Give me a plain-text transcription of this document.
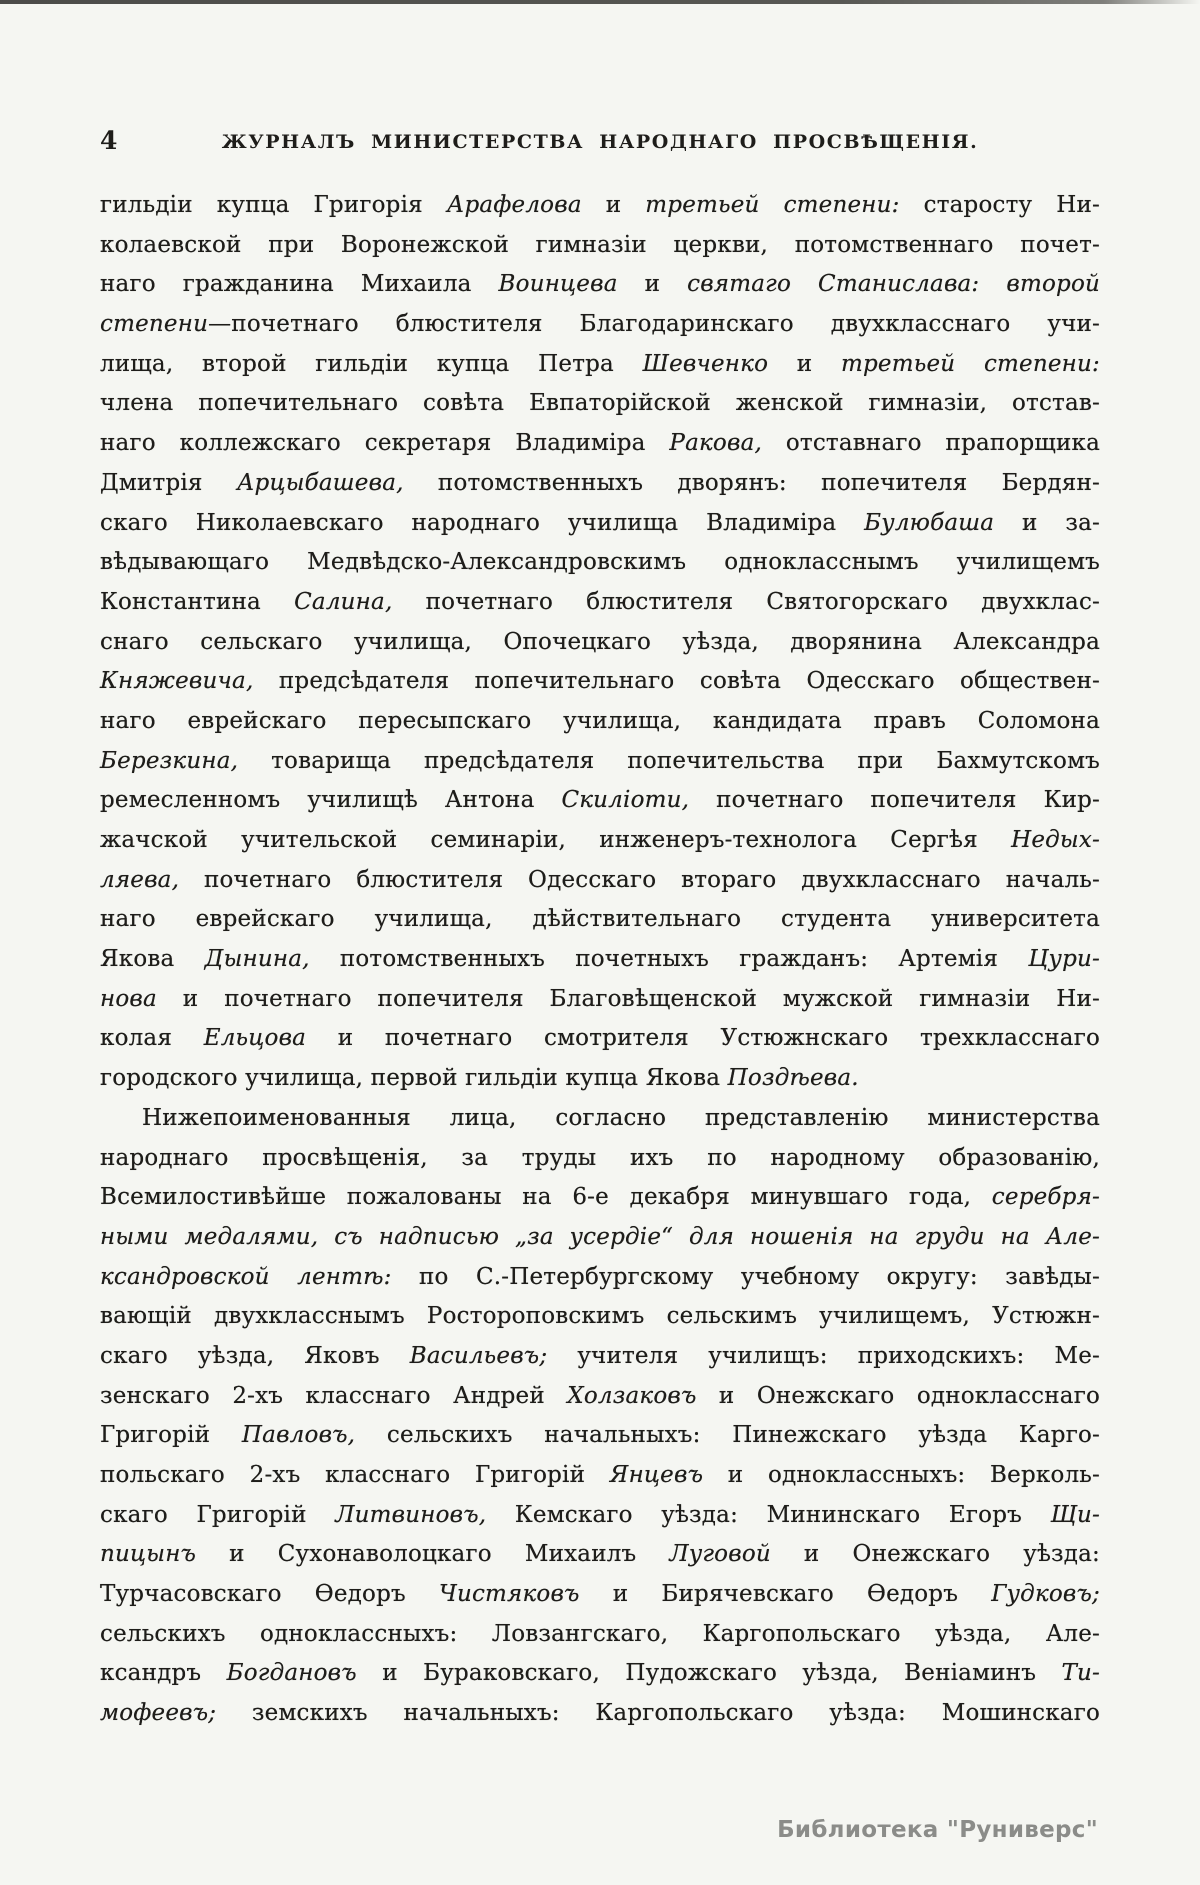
4	ЖУРНАЛЪ МИНИСТЕРСТВА НАРОДНАГО ПРОСВѢЩЕНІЯ.
гильдіи купца Григорія Арафелова и третьей степени: старосту Ни-
колаевской при Воронежской гимназіи церкви, потомственнаго почет-
наго гражданина Михаила Воинцева и святаго Станислава: второй
степени—почетнаго блюстителя Благодаринскаго двухкласснаго учи-
лища, второй гильдіи купца Петра Шевченко и третьей степени:
члена попечительнаго совѣта Евпаторійской женской гимназіи, отстав-
наго коллежскаго секретаря Владиміра Ракова, отставнаго прапорщика
Дмитрія Арцыбашева, потомственныхъ дворянъ: попечителя Бердян-
скаго Николаевскаго народнаго училища Владиміра Булюбаша и за-
вѣдывающаго Медвѣдско-Александровскимъ однокласснымъ училищемъ
Константина Салина, почетнаго блюстителя Святогорскаго двухклас-
снаго сельскаго училища, Опочецкаго уѣзда, дворянина Александра
Княжевича, предсѣдателя попечительнаго совѣта Одесскаго обществен-
наго еврейскаго пересыпскаго училища, кандидата правъ Соломона
Березкина, товарища предсѣдателя попечительства при Бахмутскомъ
ремесленномъ училищѣ Антона Скиліоти, почетнаго попечителя Кир-
жачской учительской семинаріи, инженеръ-технолога Сергѣя Недых-
ляева, почетнаго блюстителя Одесскаго втораго двухкласснаго началь-
наго еврейскаго училища, дѣйствительнаго студента университета
Якова Дынина, потомственныхъ почетныхъ гражданъ: Артемія Цури-
нова и почетнаго попечителя Благовѣщенской мужской гимназіи Ни-
колая Ельцова и почетнаго смотрителя Устюжнскаго трехкласснаго
городского училища, первой гильдіи купца Якова Поздѣева.
Нижепоименованныя лица, согласно представленію министерства
народнаго просвѣщенія, за труды ихъ по народному образованію,
Всемилостивѣйше пожалованы на 6-е декабря минувшаго года, серебря-
ными медалями, съ надписью „за усердіе“ для ношенія на груди на Але-
ксандровской лентѣ: по С.-Петербургскому учебному округу: завѣды-
вающій двухкласснымъ Ростороповскимъ сельскимъ училищемъ, Устюжн-
скаго уѣзда, Яковъ Васильевъ; учителя училищъ: приходскихъ: Ме-
зенскаго 2-хъ класснаго Андрей Холзаковъ и Онежскаго однокласснаго
Григорій Павловъ, сельскихъ начальныхъ: Пинежскаго уѣзда Карго-
польскаго 2-хъ класснаго Григорій Янцевъ и одноклассныхъ: Верколь-
скаго Григорій Литвиновъ, Кемскаго уѣзда: Мининскаго Егоръ Щи-
пицынъ и Сухонаволоцкаго Михаилъ Луговой и Онежскаго уѣзда:
Турчасовскаго Ѳедоръ Чистяковъ и Бирячевскаго Ѳедоръ Гудковъ;
сельскихъ одноклассныхъ: Ловзангскаго, Каргопольскаго уѣзда, Але-
ксандръ Богдановъ и Бураковскаго, Пудожскаго уѣзда, Веніаминъ Ти-
мофеевъ; земскихъ начальныхъ: Каргопольскаго уѣзда: Мошинскаго
Библиотека "Руниверс"
